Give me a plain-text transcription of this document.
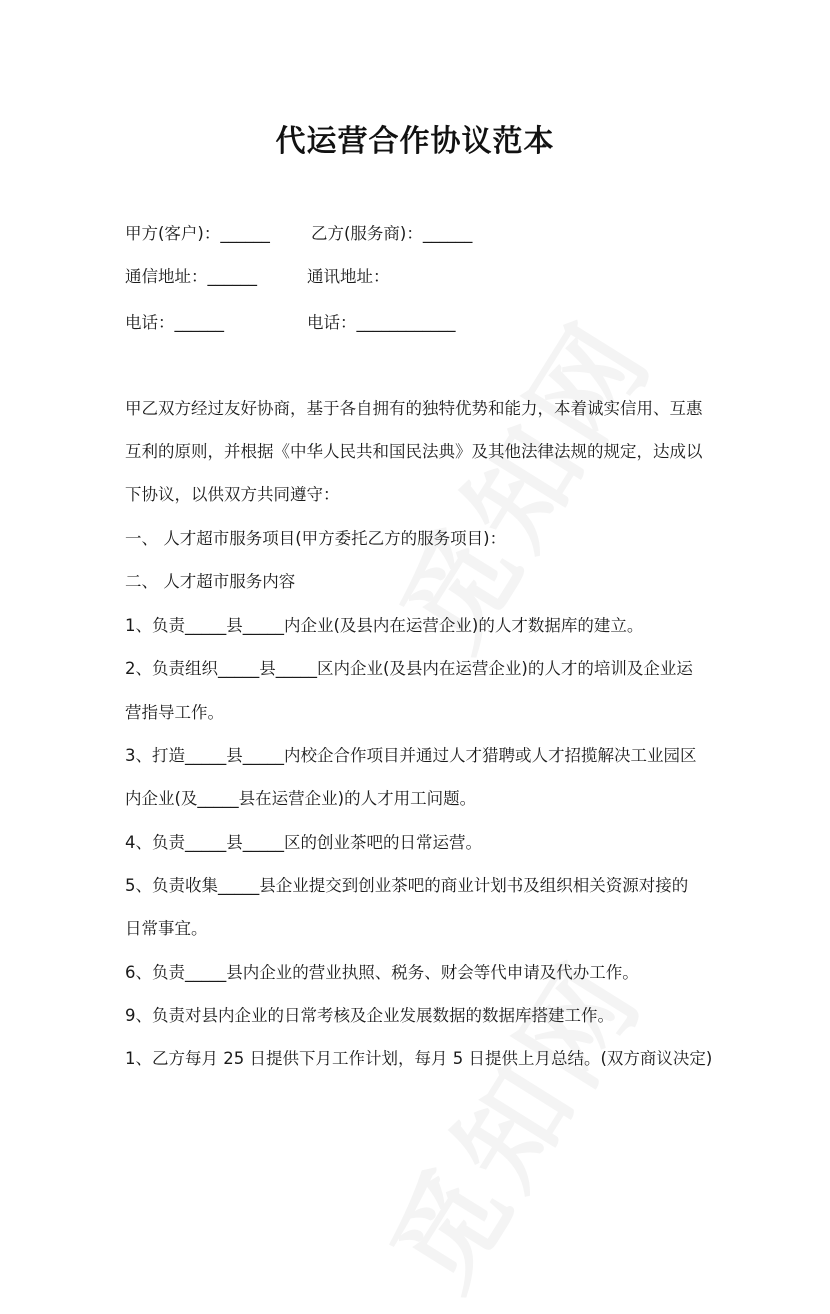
代运营合作协议范本
甲方(客户)：______ 乙方(服务商)：______
通信地址：______	通讯地址：
电话：______	电话：____________
甲乙双方经过友好协商，基于各自拥有的独特优势和能力，本着诚实信用、互惠
互利的原则，并根据《中华人民共和国民法典》及其他法律法规的规定，达成以
下协议，以供双方共同遵守：
一、 人才超市服务项目(甲方委托乙方的服务项目)：
二、 人才超市服务内容
1、负责_____县_____内企业(及县内在运营企业)的人才数据库的建立。
2、负责组织_____县_____区内企业(及县内在运营企业)的人才的培训及企业运
营指导工作。
3、打造_____县_____内校企合作项目并通过人才猎聘或人才招揽解决工业园区
内企业(及_____县在运营企业)的人才用工问题。
4、负责_____县_____区的创业茶吧的日常运营。
5、负责收集_____县企业提交到创业茶吧的商业计划书及组织相关资源对接的
日常事宜。
6、负责_____县内企业的营业执照、税务、财会等代申请及代办工作。
9、负责对县内企业的日常考核及企业发展数据的数据库搭建工作。
1、乙方每月 25 日提供下月工作计划，每月 5 日提供上月总结。(双方商议决定)
